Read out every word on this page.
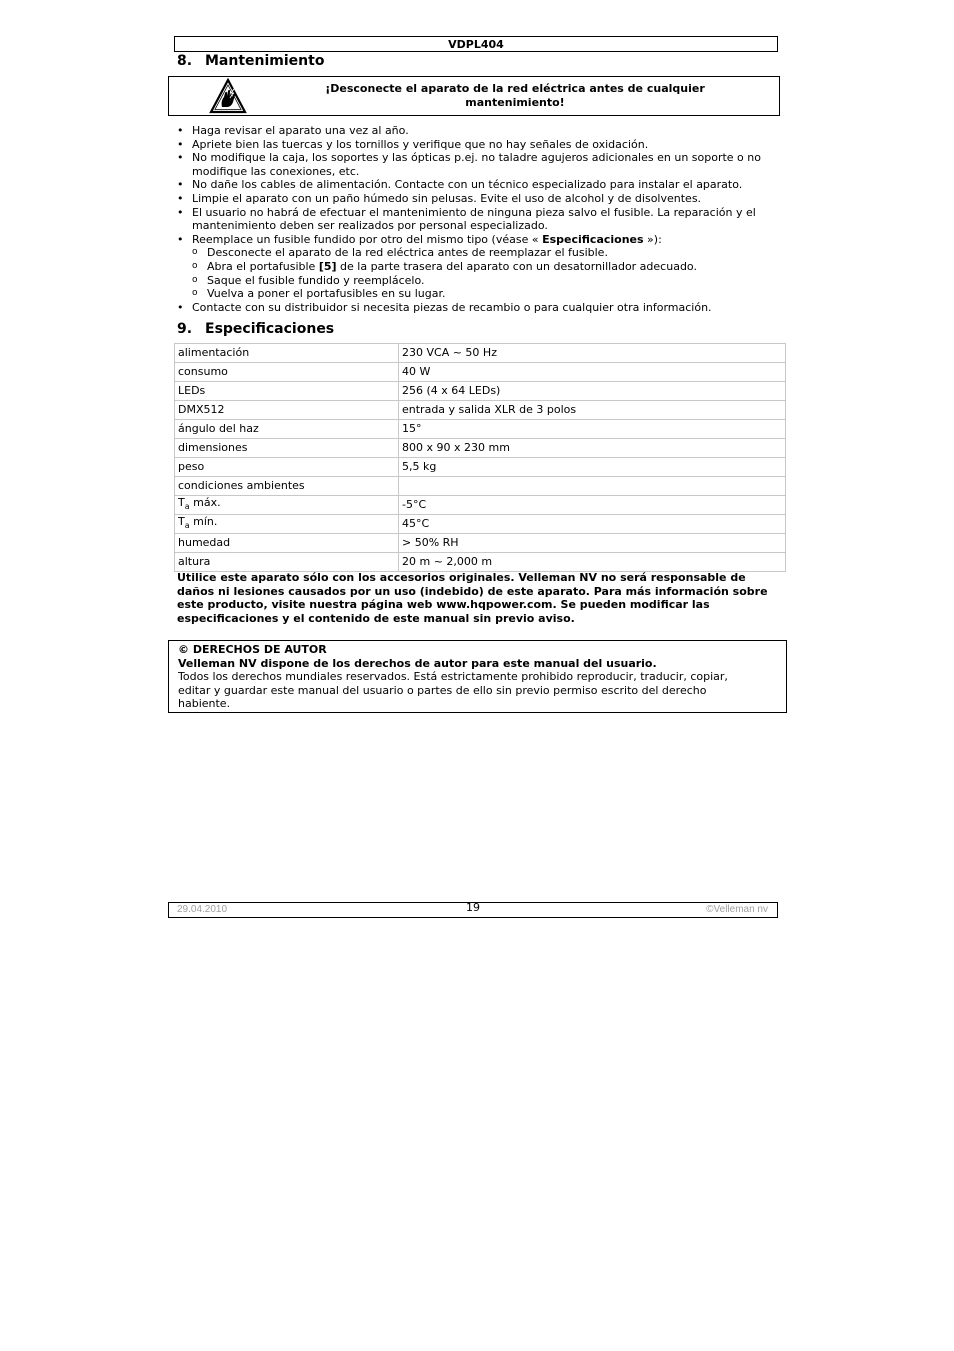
VDPL404
8. Mantenimiento
¡Desconecte el aparato de la red eléctrica antes de cualquier
mantenimiento!
• Haga revisar el aparato una vez al año.
• Apriete bien las tuercas y los tornillos y verifique que no hay señales de oxidación.
• No modifique la caja, los soportes y las ópticas p.ej. no taladre agujeros adicionales en un soporte o no modifique las conexiones, etc.
• No dañe los cables de alimentación. Contacte con un técnico especializado para instalar el aparato.
• Limpie el aparato con un paño húmedo sin pelusas. Evite el uso de alcohol y de disolventes.
• El usuario no habrá de efectuar el mantenimiento de ninguna pieza salvo el fusible. La reparación y el mantenimiento deben ser realizados por personal especializado.
• Reemplace un fusible fundido por otro del mismo tipo (véase « Especificaciones »):
o Desconecte el aparato de la red eléctrica antes de reemplazar el fusible.
o Abra el portafusible [5] de la parte trasera del aparato con un desatornillador adecuado.
o Saque el fusible fundido y reemplácelo.
o Vuelva a poner el portafusibles en su lugar.
• Contacte con su distribuidor si necesita piezas de recambio o para cualquier otra información.
9. Especificaciones
alimentación	230 VCA ~ 50 Hz
consumo	40 W
LEDs	256 (4 x 64 LEDs)
DMX512	entrada y salida XLR de 3 polos
ángulo del haz	15°
dimensiones	800 x 90 x 230 mm
peso	5,5 kg
condiciones ambientes	
$T_a$ máx.	-5°C
$T_a$ mín.	45°C
humedad	> 50% RH
altura	20 m ~ 2,000 m

Utilice este aparato sólo con los accesorios originales. Velleman NV no será responsable de daños ni lesiones causados por un uso (indebido) de este aparato. Para más información sobre este producto, visite nuestra página web www.hqpower.com. Se pueden modificar las especificaciones y el contenido de este manual sin previo aviso.

© DERECHOS DE AUTOR
Velleman NV dispone de los derechos de autor para este manual del usuario.
Todos los derechos mundiales reservados. Está estrictamente prohibido reproducir, traducir, copiar,
editar y guardar este manual del usuario o partes de ello sin previo permiso escrito del derecho
habiente.
29.04.2010	19	©Velleman nv
